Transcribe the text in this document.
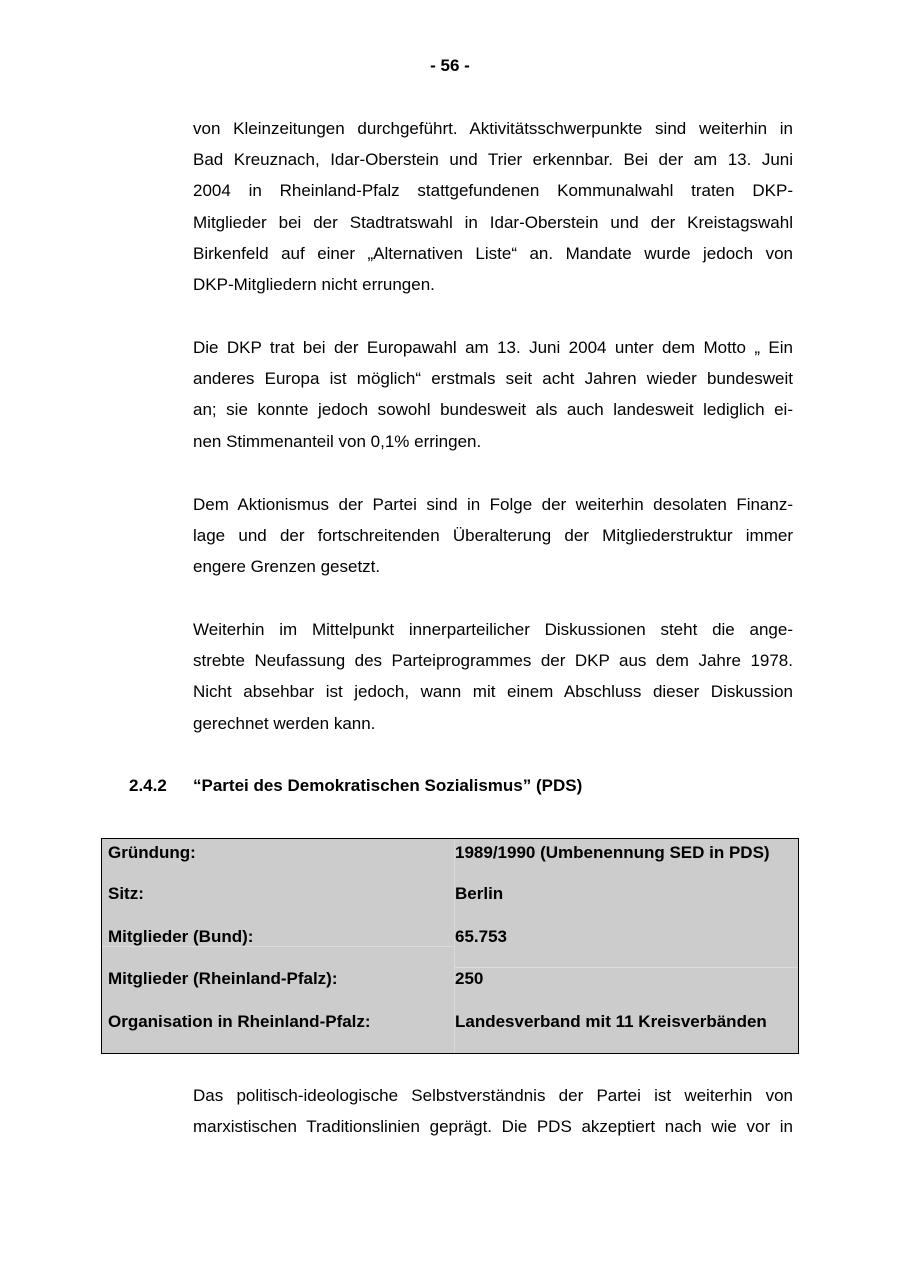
- 56 -

von Kleinzeitungen durchgeführt. Aktivitätsschwerpunkte sind weiterhin in
Bad Kreuznach, Idar-Oberstein und Trier erkennbar. Bei der am 13. Juni
2004 in Rheinland-Pfalz stattgefundenen Kommunalwahl traten DKP-
Mitglieder bei der Stadtratswahl in Idar-Oberstein und der Kreistagswahl
Birkenfeld auf einer „Alternativen Liste“ an. Mandate wurde jedoch von
DKP-Mitgliedern nicht errungen.

Die DKP trat bei der Europawahl am 13. Juni 2004 unter dem Motto „ Ein
anderes Europa ist möglich“ erstmals seit acht Jahren wieder bundesweit
an; sie konnte jedoch sowohl bundesweit als auch landesweit lediglich ei-
nen Stimmenanteil von 0,1% erringen.

Dem Aktionismus der Partei sind in Folge der weiterhin desolaten Finanz-
lage und der fortschreitenden Überalterung der Mitgliederstruktur immer
engere Grenzen gesetzt.

Weiterhin im Mittelpunkt innerparteilicher Diskussionen steht die ange-
strebte Neufassung des Parteiprogrammes der DKP aus dem Jahre 1978.
Nicht absehbar ist jedoch, wann mit einem Abschluss dieser Diskussion
gerechnet werden kann.

2.4.2 “Partei des Demokratischen Sozialismus” (PDS)
Gründung:	1989/1990 (Umbenennung SED in PDS)
Sitz:	Berlin
Mitglieder (Bund):	65.753
Mitglieder (Rheinland-Pfalz):	250
Organisation in Rheinland-Pfalz:	Landesverband mit 11 Kreisverbänden

Das politisch-ideologische Selbstverständnis der Partei ist weiterhin von
marxistischen Traditionslinien geprägt. Die PDS akzeptiert nach wie vor in
